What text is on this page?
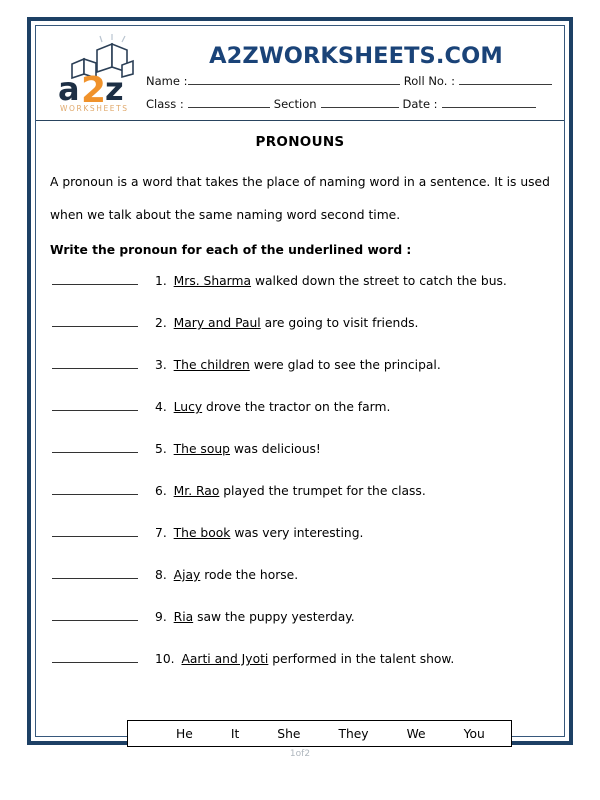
a 2
z
WORKSHEETS
A2ZWORKSHEETS.COM
Name :	Roll No. :
Class :	Section	Date :
PRONOUNS
A pronoun is a word that takes the place of naming word in a sentence. It is used when we talk about the same naming word second time.
Write the pronoun for each of the underlined word :
1. Mrs. Sharma walked down the street to catch the bus.
2. Mary and Paul are going to visit friends.
3. The children were glad to see the principal.
4. Lucy drove the tractor on the farm.
5. The soup was delicious!
6. Mr. Rao played the trumpet for the class.
7. The book was very interesting.
8. Ajay rode the horse.
9. Ria saw the puppy yesterday.
10. Aarti and Jyoti performed in the talent show.
He	It	She	They	We	You
1of2
